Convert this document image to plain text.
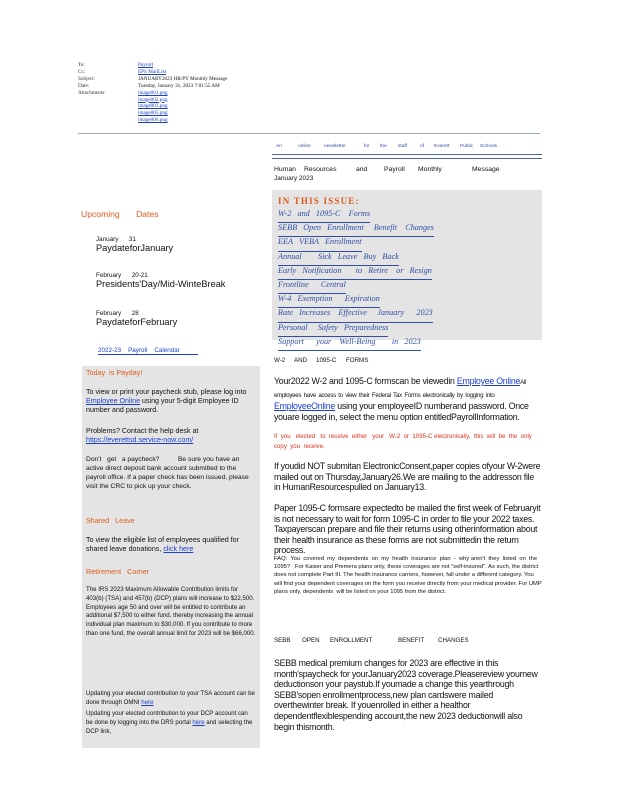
To:	Payroll
Cc:	EPS MailList
Subject:	JANUARY2023 HR/PY Monthly Message
Date:	Tuesday, January 31, 2023 7:01:55 AM
Attachments:	image001.png
image002.png
image003.png
image005.png
image006.png
An	online	newsletter	for the staff	of Everett Public Schools
Human Resources	and Payroll Monthly	Message
January 2023
IN THIS ISSUE:
W-2   and   1095-C    Forms
SEBB   Open   Enrollment     Benefit    Changes
EEA   VEBA   Enrollment
Annual        Sick   Leave   Buy   Back
Early   Notification       to   Retire    or   Resign
Frontline      Central
W-4   Exemption      Expiration
Rate   Increases    Effective     January      2023
Personal     Safety   Preparedness
Support      your    Well-Being        in   2023
Upcoming Dates
January      31
PaydateforJanuary
February      20-21
Presidents'Day/Mid-WinteBreak
February      28
PaydateforFebruary
2022-23    Payroll    Calendar
Today  is Payday!
To view or print your paycheck stub, please log into Employee Online using your 5-digit Employee ID number and password.
Problems? Contact the help desk at
https://everettsd.service-now.com/
Don't   get   a paycheck?          Be sure you have an active direct deposit bank account submitted to the payroll office. If a paper check has been issued, please visit the CRC to pick up your check.
Shared   Leave
To view the eligible list of employees qualified for shared leave donations, click here
Retirement   Corner
The IRS 2023 Maximum Allowable Contribution limits for 403(b) (TSA) and 457(b) (DCP) plans will increase to $22,500. Employees age 50 and over will be entitled to contribute an additional $7,500 to either fund, thereby increasing the annual individual plan maximum to $30,000. If you contribute to more than one fund, the overall annual limit for 2023 will be $66,000.
Updating your elected contribution to your TSA account can be done through OMNI here
Updating your elected contribution to your DCP account can be done by logging into the DRS portal here and selecting the DCP link,
W-2 AND 1095-C FORMS
Your2022 W-2 and 1095-C formscan be viewedin Employee OnlineAll employees have access to view their Federal Tax Forms electronically by logging into EmployeeOnline using your employeeID numberand password. Once youare logged in, select the menu option entitledPayrollInformation.
If  you   elected   to  receive  either   your   W-2  or  1095-C electronically,  this  will  be  the  only  copy  you  receive.
If youdid NOT submitan ElectronicConsent,paper copies ofyour W-2were mailed out on Thursday,January26.We are mailing to the addresson file in HumanResourcespulled on January13.
Paper 1095-C formsare expectedto be mailed the first week of Februaryit is not necessary to wait for form 1095-C in order to file your 2022 taxes. Taxpayerscan prepare and file their returns using otherinformation about their health insurance as these forms are not submittedin the return process.
FAQ:  You  covered  my  dependents  on  my  health  insurance  plan  -  why aren't  they  listed  on  the  1095?   For Kaiser and Premera plans only, these coverages are not "self-insured". As such, the district does not complete Part III. The health insurance carriers, however, fall under a different category. You will find your dependent coverages on the form you receive directly from your medical provider. For UMP plans only, dependents  will be listed on your 1095 from the district.
SEBB OPEN ENROLLMENT	BENEFIT CHANGES
SEBB medical premium changes for 2023 are effective in this month'spaycheck for yourJanuary2023 coverage.Pleasereview yournew deductionson your paystub.If youmade a change this yearthrough SEBB'sopen enrollmentprocess,new plan cardswere mailed overthewinter break. If youenrolled in either a healthor dependentflexiblespending account,the new 2023 deductionwill also begin thismonth.
